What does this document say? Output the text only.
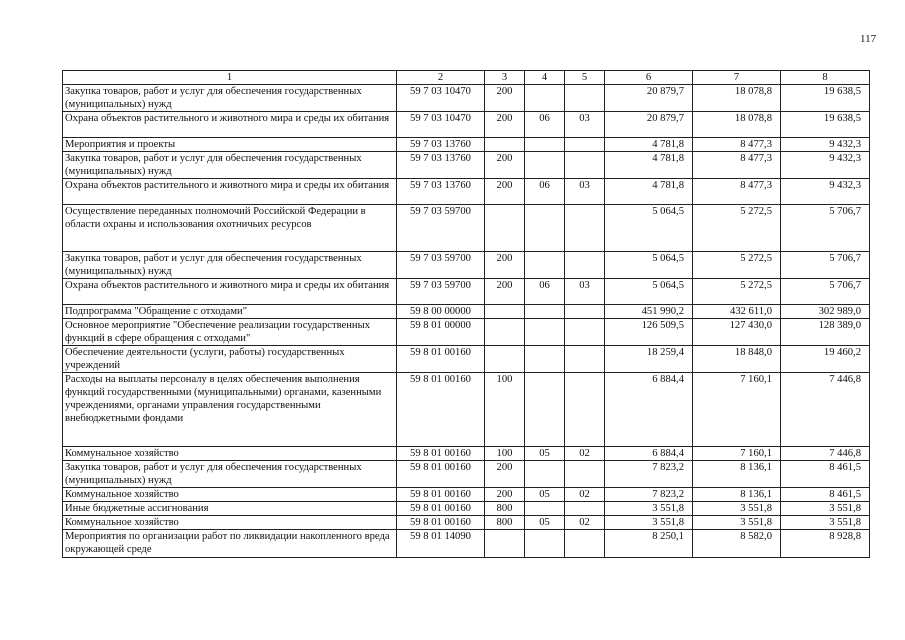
117
1	2	3	4	5	6	7	8
Закупка товаров, работ и услуг для обеспечения государственных (муниципальных) нужд	59 7 03 10470	200			20 879,7	18 078,8	19 638,5
Охрана объектов растительного и животного мира и среды их обитания	59 7 03 10470	200	06	03	20 879,7	18 078,8	19 638,5
Мероприятия и проекты	59 7 03 13760				4 781,8	8 477,3	9 432,3
Закупка товаров, работ и услуг для обеспечения государственных (муниципальных) нужд	59 7 03 13760	200			4 781,8	8 477,3	9 432,3
Охрана объектов растительного и животного мира и среды их обитания	59 7 03 13760	200	06	03	4 781,8	8 477,3	9 432,3
Осуществление переданных полномочий Российской Федерации в области охраны и использования охотничьих ресурсов	59 7 03 59700				5 064,5	5 272,5	5 706,7
Закупка товаров, работ и услуг для обеспечения государственных (муниципальных) нужд	59 7 03 59700	200			5 064,5	5 272,5	5 706,7
Охрана объектов растительного и животного мира и среды их обитания	59 7 03 59700	200	06	03	5 064,5	5 272,5	5 706,7
Подпрограмма "Обращение с отходами"	59 8 00 00000				451 990,2	432 611,0	302 989,0
Основное мероприятие "Обеспечение реализации государственных функций в сфере обращения с отходами"	59 8 01 00000				126 509,5	127 430,0	128 389,0
Обеспечение деятельности (услуги, работы) государственных учреждений	59 8 01 00160				18 259,4	18 848,0	19 460,2
Расходы на выплаты персоналу в целях обеспечения выполнения функций государственными (муниципальными) органами, казенными учреждениями, органами управления государственными внебюджетными фондами	59 8 01 00160	100			6 884,4	7 160,1	7 446,8
Коммунальное хозяйство	59 8 01 00160	100	05	02	6 884,4	7 160,1	7 446,8
Закупка товаров, работ и услуг для обеспечения государственных (муниципальных) нужд	59 8 01 00160	200			7 823,2	8 136,1	8 461,5
Коммунальное хозяйство	59 8 01 00160	200	05	02	7 823,2	8 136,1	8 461,5
Иные бюджетные ассигнования	59 8 01 00160	800			3 551,8	3 551,8	3 551,8
Коммунальное хозяйство	59 8 01 00160	800	05	02	3 551,8	3 551,8	3 551,8
Мероприятия по организации работ по ликвидации накопленного вреда окружающей среде	59 8 01 14090				8 250,1	8 582,0	8 928,8
